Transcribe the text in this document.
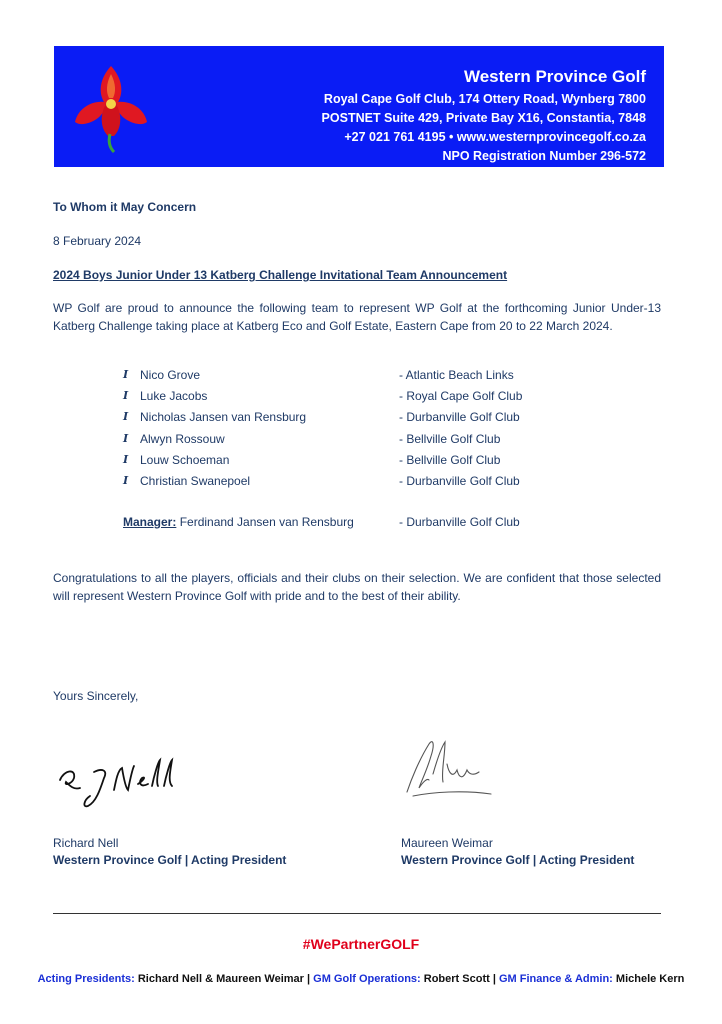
Western Province Golf
Royal Cape Golf Club, 174 Ottery Road, Wynberg 7800
POSTNET Suite 429, Private Bay X16, Constantia, 7848
+27 021 761 4195 • www.westernprovincegolf.co.za
NPO Registration Number 296-572
To Whom it May Concern
8 February 2024
2024 Boys Junior Under 13 Katberg Challenge Invitational Team Announcement
WP Golf are proud to announce the following team to represent WP Golf at the forthcoming Junior Under-13 Katberg Challenge taking place at Katberg Eco and Golf Estate, Eastern Cape from 20 to 22 March 2024.
I Nico Grove	- Atlantic Beach Links
I Luke Jacobs	- Royal Cape Golf Club
I Nicholas Jansen van Rensburg	- Durbanville Golf Club
I Alwyn Rossouw	- Bellville Golf Club
I Louw Schoeman	- Bellville Golf Club
I Christian Swanepoel	- Durbanville Golf Club
Manager: Ferdinand Jansen van Rensburg	- Durbanville Golf Club
Congratulations to all the players, officials and their clubs on their selection. We are confident that those selected will represent Western Province Golf with pride and to the best of their ability.
Yours Sincerely,
Richard Nell
Western Province Golf | Acting President
Maureen Weimar
Western Province Golf | Acting President
#WePartnerGOLF
Acting Presidents: Richard Nell & Maureen Weimar | GM Golf Operations: Robert Scott | GM Finance & Admin: Michele Kern
